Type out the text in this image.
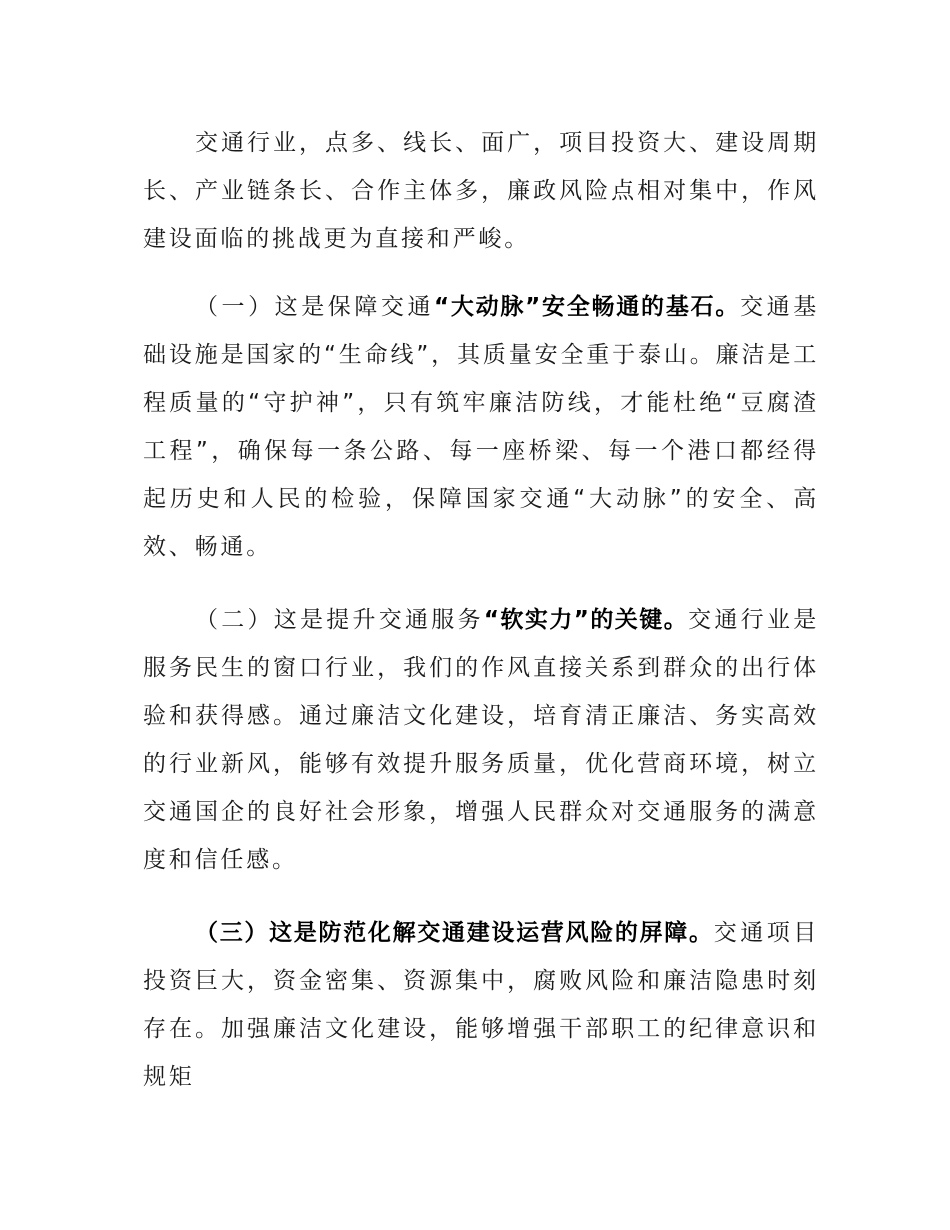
交通行业，点多、线长、面广，项目投资大、建设周期长、产业链条长、合作主体多，廉政风险点相对集中，作风建设面临的挑战更为直接和严峻。

（一）这是保障交通“大动脉”安全畅通的基石。交通基础设施是国家的“生命线”，其质量安全重于泰山。廉洁是工程质量的“守护神”，只有筑牢廉洁防线，才能杜绝“豆腐渣工程”，确保每一条公路、每一座桥梁、每一个港口都经得起历史和人民的检验，保障国家交通“大动脉”的安全、高效、畅通。

（二）这是提升交通服务“软实力”的关键。交通行业是服务民生的窗口行业，我们的作风直接关系到群众的出行体验和获得感。通过廉洁文化建设，培育清正廉洁、务实高效的行业新风，能够有效提升服务质量，优化营商环境，树立交通国企的良好社会形象，增强人民群众对交通服务的满意度和信任感。

（三）这是防范化解交通建设运营风险的屏障。交通项目投资巨大，资金密集、资源集中，腐败风险和廉洁隐患时刻存在。加强廉洁文化建设，能够增强干部职工的纪律意识和规矩
